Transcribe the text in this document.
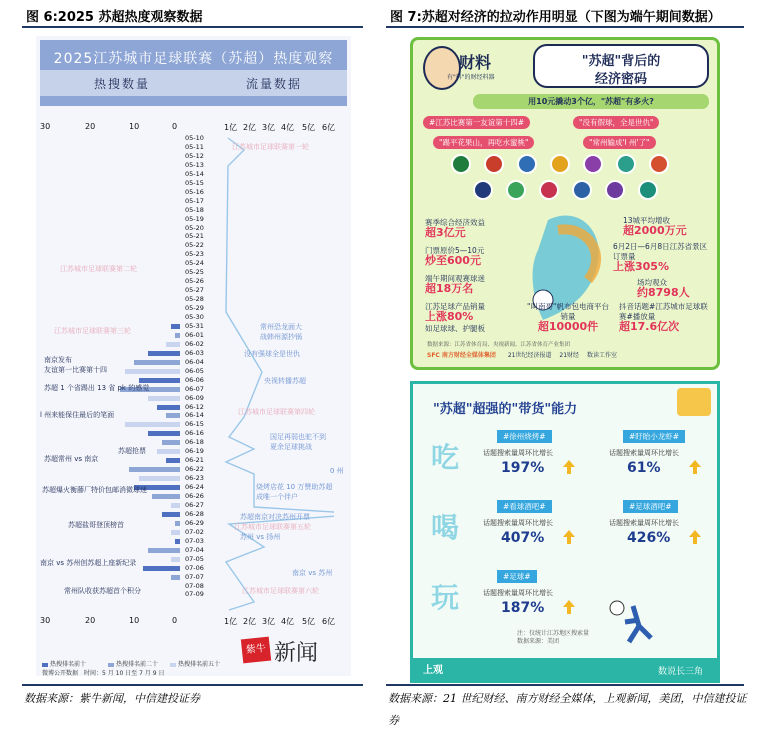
图 6:2025 苏超热度观察数据	图 7:苏超对经济的拉动作用明显（下图为端午期间数据）
数据来源：紫牛新闻，中信建投证券	数据来源：21 世纪财经、南方财经全媒体，上观新闻，美团，中信建投证券
2025江苏城市足球联赛（苏超）热度观察
热搜数量	流量数据
30	20	10	0	1亿 2亿 3亿 4亿 5亿 6亿
30	20	10	0	1亿 2亿 3亿 4亿 5亿 6亿
05-10
05-11
05-12
05-13
05-14
05-15
05-16
05-17
05-18
05-19
05-20
05-21
05-22
05-23
05-24
05-25
05-26
05-27
05-28
05-29
05-30
05-31
06-01
06-02
06-03
06-04
06-05
06-06
06-07
06-09
06-12
06-14
06-15
06-16
06-18
06-19
06-21
06-22
06-23
06-24
06-26
06-27
06-28
06-29
07-02
07-03
07-04
07-05
07-06
07-07
07-08
07-09
江苏城市足球联赛第二轮
江苏城市足球联赛第三轮
南京发布
友谊第一比赛第十四
苏超 1 个省踢出 13 省 pk 的感觉
l 州来能保住最后的笔面
苏超抢票
苏超常州 vs 南京
苏超爆火衡藤厂特价包邮消微球迷
苏超盐哥登顶榜首
南京 vs 苏州创苏超上座新纪录
常州队收获苏超首个积分
江苏城市足球联赛第一轮
常州恐龙面大
战韩州源抄锅
没有强球全是世仇
央视转播苏超
江苏城市足球联赛第四轮
国足再弱也驼不到
夏余足球挑战
0 州
烧烤店花 10 万赞助苏超
成唯一个伴户
苏超南京对决苏州开票
江苏城市足球联赛第五轮
苏州 vs 扬州
南京 vs 苏州
江苏城市足球联赛第六轮
热搜排名前十	热搜排名前二十	热搜排名前五十
微博公开数据　时间：5 月 10 日至 7 月 9 日
紫牛 新闻
财料
有"料"的财经料器
"苏超"背后的
经济密码
用10元撬动3个亿，"苏超"有多火?
#江苏比赛第一友谊第十四#	"没有假球，全是世仇"
"踢平花果山，再吃水蜜桃"	"常州输成'l 州'了"
赛季综合经济效益
超3亿元
门票原价5—10元
炒至600元
端午期间观赛球迷
超18万名
江苏足球产品销量
上涨80%
如足球球、护腿板
13城平均增收
超2000万元
6月2日—6月8日江苏省景区订票量
上涨305%
场均观众
约8798人
抖音话题#江苏城市足球联赛#播放量
超17.6亿次
"叫南哥"帆布包电商平台销量
超10000件
数据来源：江苏省体育局、央视新闻、江苏省体育产业集团
SFC 南方财经全媒体集团 21世纪经济报道 21财经 数读工作室
"苏超"超强的"带货"能力
吃
#徐州烧烤#
话题搜索量周环比增长
197%
#盱眙小龙虾#
话题搜索量周环比增长
61%
喝
#看球酒吧#
话题搜索量周环比增长
407%
#足球酒吧#
话题搜索量周环比增长
426%
玩
#足球#
话题搜索量周环比增长
187%
注：仅统计江苏地区搜索量
数据来源：美团
上观	数说长三角
